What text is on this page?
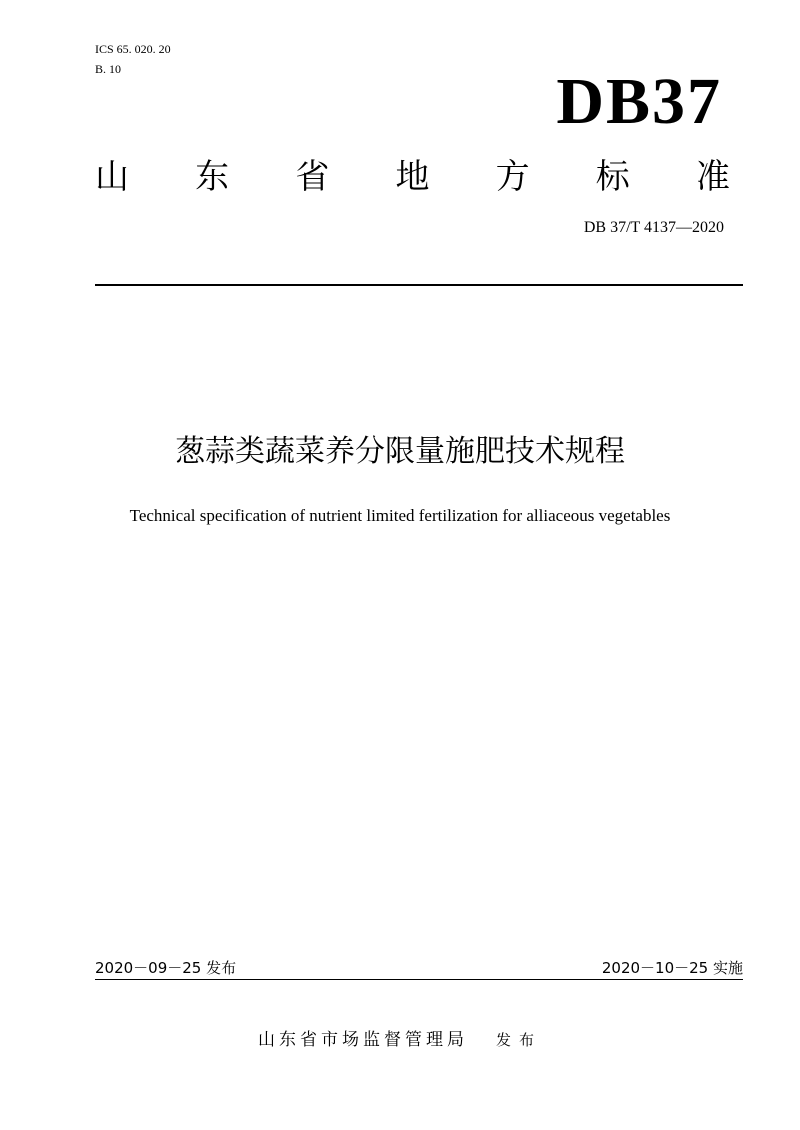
ICS 65. 020. 20
B. 10	DB37
山 东 省 地 方 标 准
DB 37/T 4137—2020
葱蒜类蔬菜养分限量施肥技术规程
Technical specification of nutrient limited fertilization for alliaceous vegetables
2020－09－25 发布	2020－10－25 实施
山东省市场监督管理局 发布
